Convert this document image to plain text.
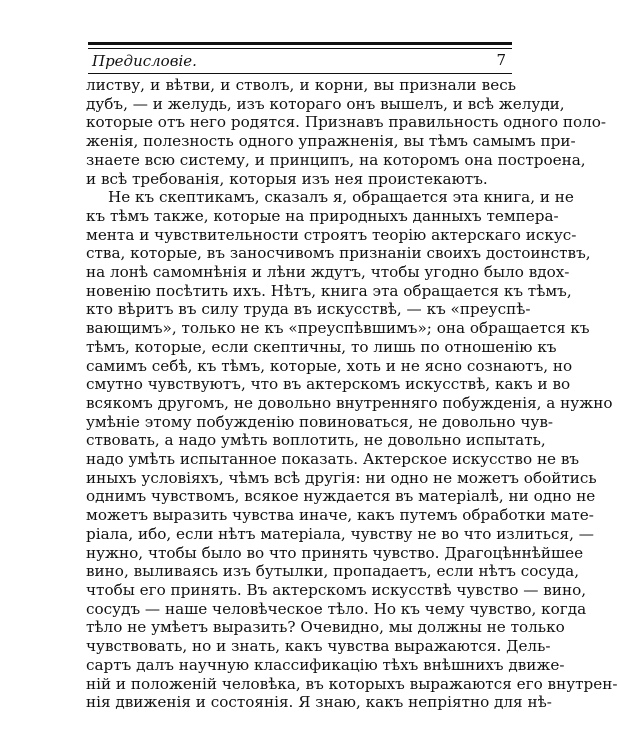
Предисловіе.	7
листву, и вѣтви, и стволъ, и корни, вы признали весь
дубъ, — и желудь, изъ котораго онъ вышелъ, и всѣ желуди,
которые отъ него родятся. Признавъ правильность одного поло-
женія, полезность одного упражненія, вы тѣмъ самымъ при-
знаете всю систему, и принципъ, на которомъ она построена,
и всѣ требованія, которыя изъ нея проистекаютъ.
Не къ скептикамъ, сказалъ я, обращается эта книга, и не
къ тѣмъ также, которые на природныхъ данныхъ темпера-
мента и чувствительности строятъ теорію актерскаго искус-
ства, которые, въ заносчивомъ признаніи своихъ достоинствъ,
на лонѣ самомнѣнія и лѣни ждутъ, чтобы угодно было вдох-
новенію посѣтить ихъ. Нѣтъ, книга эта обращается къ тѣмъ,
кто вѣритъ въ силу труда въ искусствѣ, — къ «преуспѣ-
вающимъ», только не къ «преуспѣвшимъ»; она обращается къ
тѣмъ, которые, если скептичны, то лишь по отношенію къ
самимъ себѣ, къ тѣмъ, которые, хоть и не ясно сознаютъ, но
смутно чувствуютъ, что въ актерскомъ искусствѣ, какъ и во
всякомъ другомъ, не довольно внутренняго побужденія, а нужно
умѣніе этому побужденію повиноваться, не довольно чув-
ствовать, а надо умѣть воплотить, не довольно испытать,
надо умѣть испытанное показать. Актерское искусство не въ
иныхъ условіяхъ, чѣмъ всѣ другія: ни одно не можетъ обойтись
однимъ чувствомъ, всякое нуждается въ матеріалѣ, ни одно не
можетъ выразить чувства иначе, какъ путемъ обработки мате-
ріала, ибо, если нѣтъ матеріала, чувству не во что излиться, —
нужно, чтобы было во что принять чувство. Драгоцѣннѣйшее
вино, выливаясь изъ бутылки, пропадаетъ, если нѣтъ сосуда,
чтобы его принять. Въ актерскомъ искусствѣ чувство — вино,
сосудъ — наше человѣческое тѣло. Но къ чему чувство, когда
тѣло не умѣетъ выразить? Очевидно, мы должны не только
чувствовать, но и знать, какъ чувства выражаются. Дель-
сартъ далъ научную классификацію тѣхъ внѣшнихъ движе-
ній и положеній человѣка, въ которыхъ выражаются его внутрен-
нія движенія и состоянія. Я знаю, какъ непріятно для нѣ-
